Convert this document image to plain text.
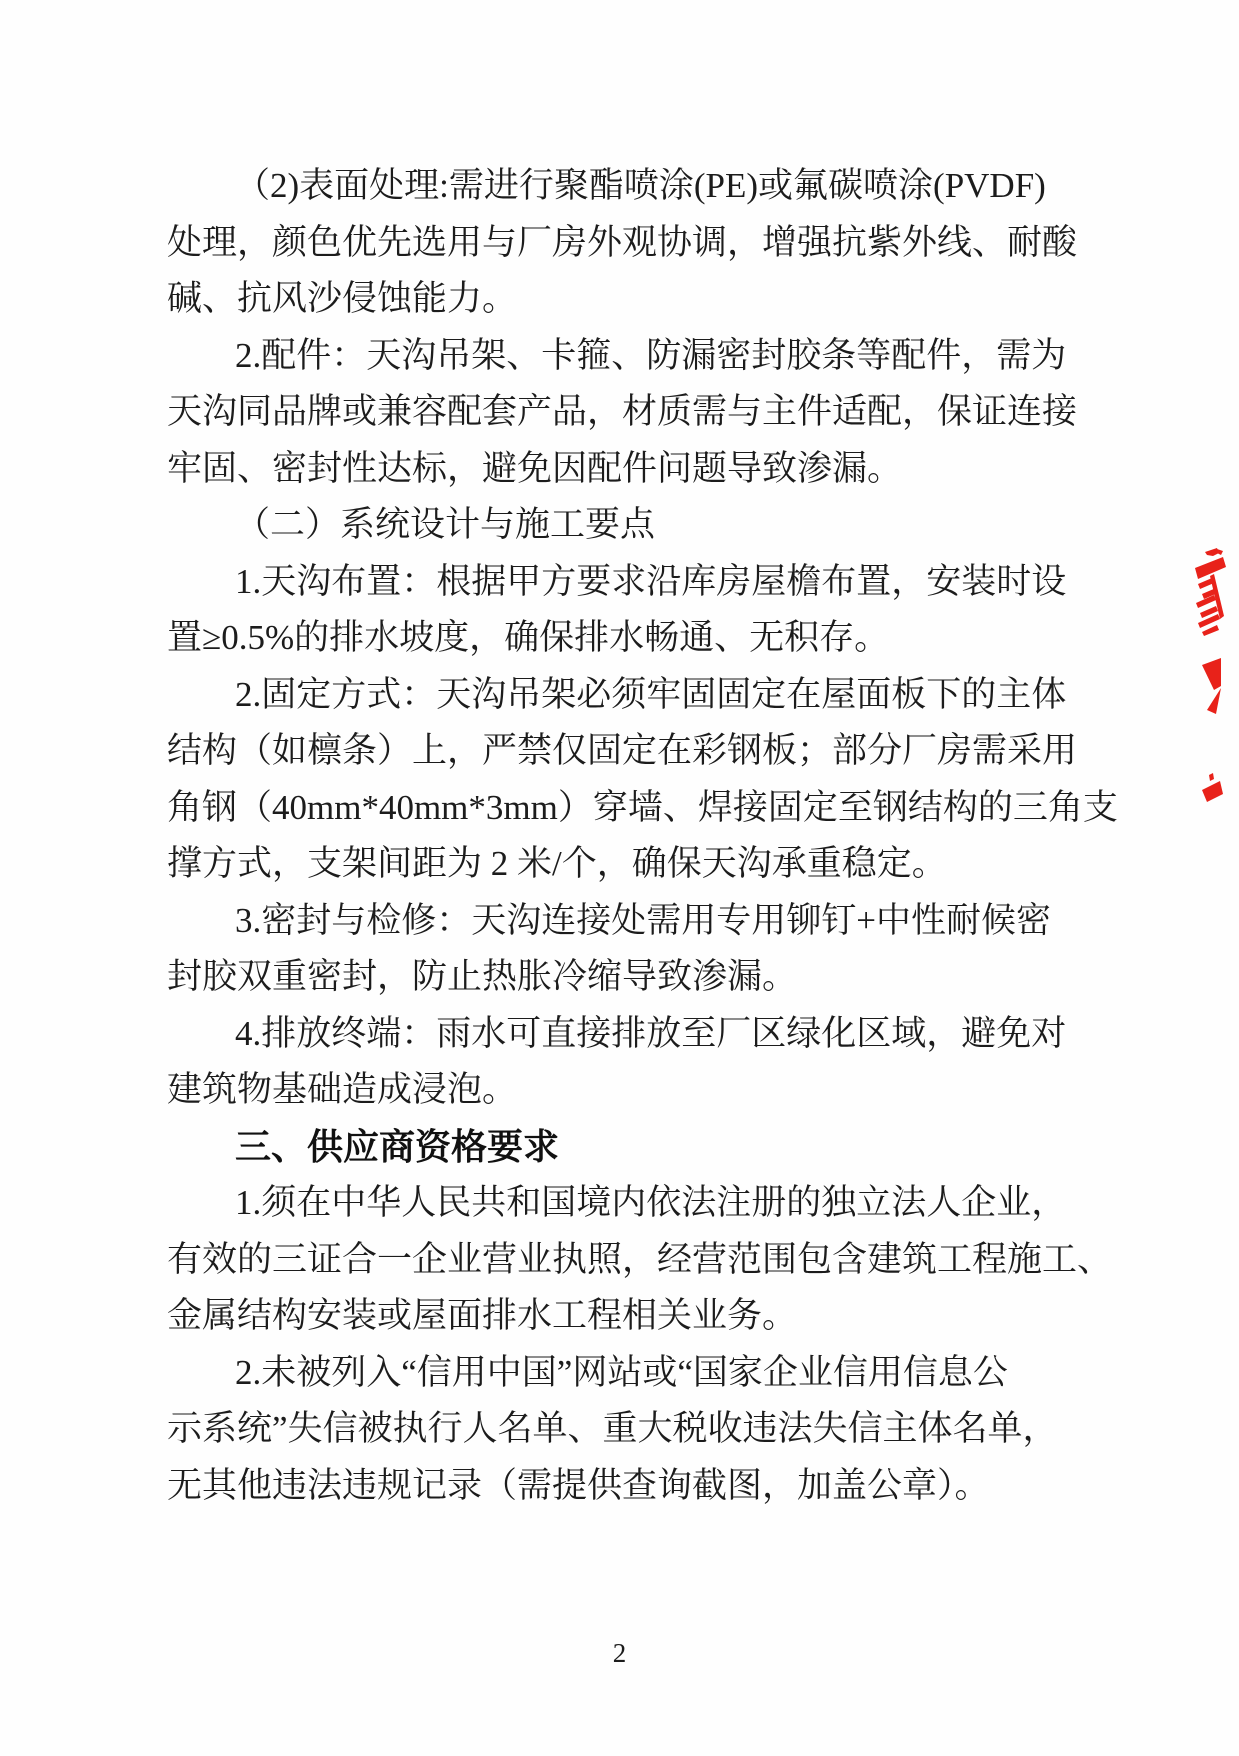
（2)表面处理:需进行聚酯喷涂(PE)或氟碳喷涂(PVDF)
处理，颜色优先选用与厂房外观协调，增强抗紫外线、耐酸
碱、抗风沙侵蚀能力。
2.配件：天沟吊架、卡箍、防漏密封胶条等配件，需为
天沟同品牌或兼容配套产品，材质需与主件适配，保证连接
牢固、密封性达标，避免因配件问题导致渗漏。
（二）系统设计与施工要点
1.天沟布置：根据甲方要求沿库房屋檐布置，安装时设
置≥0.5%的排水坡度，确保排水畅通、无积存。
2.固定方式：天沟吊架必须牢固固定在屋面板下的主体
结构（如檩条）上，严禁仅固定在彩钢板；部分厂房需采用
角钢（40mm*40mm*3mm）穿墙、焊接固定至钢结构的三角支
撑方式，支架间距为 2 米/个，确保天沟承重稳定。
3.密封与检修：天沟连接处需用专用铆钉+中性耐候密
封胶双重密封，防止热胀冷缩导致渗漏。
4.排放终端：雨水可直接排放至厂区绿化区域，避免对
建筑物基础造成浸泡。
三、供应商资格要求
1.须在中华人民共和国境内依法注册的独立法人企业，
有效的三证合一企业营业执照，经营范围包含建筑工程施工、
金属结构安装或屋面排水工程相关业务。
2.未被列入“信用中国”网站或“国家企业信用信息公
示系统”失信被执行人名单、重大税收违法失信主体名单，
无其他违法违规记录（需提供查询截图，加盖公章）。
2
